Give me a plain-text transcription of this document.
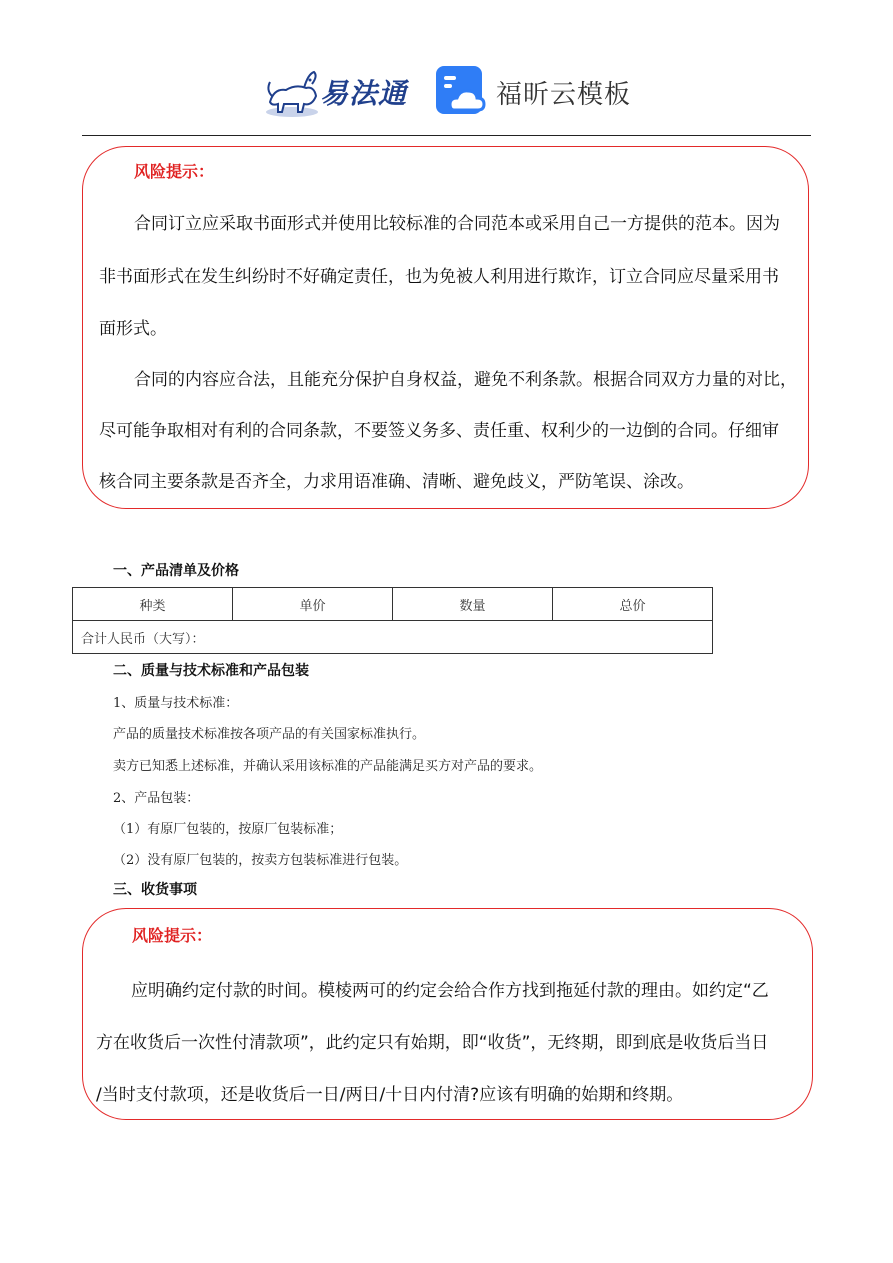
易法通	福昕云模板
风险提示：

合同订立应采取书面形式并使用比较标准的合同范本或采用自己一方提供的范本。因为

非书面形式在发生纠纷时不好确定责任，也为免被人利用进行欺诈，订立合同应尽量采用书

面形式。

合同的内容应合法，且能充分保护自身权益，避免不利条款。根据合同双方力量的对比，

尽可能争取相对有利的合同条款，不要签义务多、责任重、权利少的一边倒的合同。仔细审

核合同主要条款是否齐全，力求用语准确、清晰、避免歧义，严防笔误、涂改。

一、产品清单及价格
种类	单价	数量	总价
合计人民币（大写）：
二、质量与技术标准和产品包装
1、质量与技术标准：
产品的质量技术标准按各项产品的有关国家标准执行。
卖方已知悉上述标准，并确认采用该标准的产品能满足买方对产品的要求。
2、产品包装：
（1）有原厂包装的，按原厂包装标准；
（2）没有原厂包装的，按卖方包装标准进行包装。
三、收货事项
风险提示：

应明确约定付款的时间。模棱两可的约定会给合作方找到拖延付款的理由。如约定“乙

方在收货后一次性付清款项”，此约定只有始期，即“收货”，无终期，即到底是收货后当日

/当时支付款项，还是收货后一日/两日/十日内付清?应该有明确的始期和终期。
